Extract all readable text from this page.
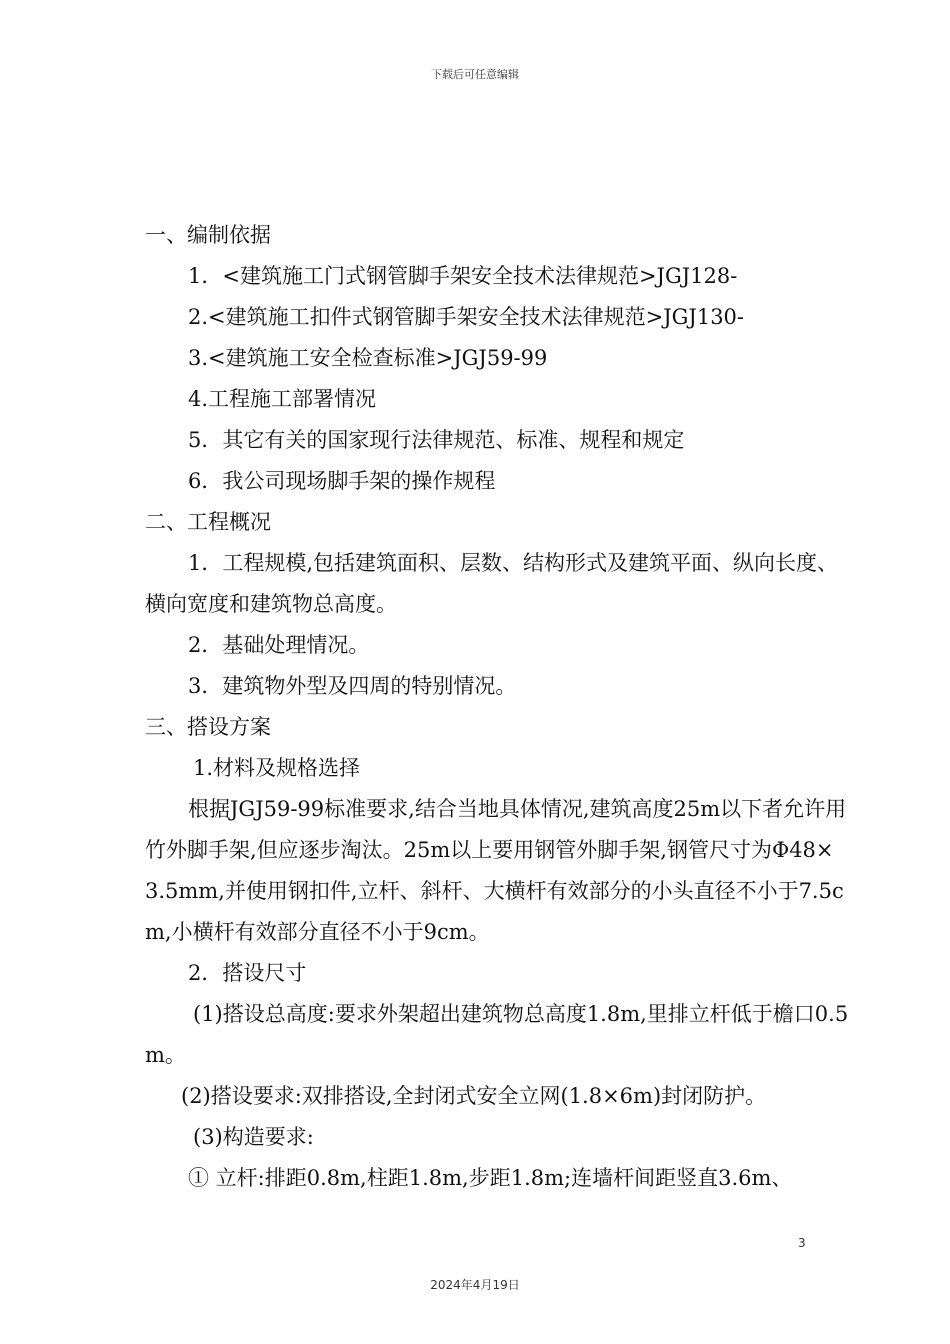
下载后可任意编辑

一、编制依据

1．<建筑施工门式钢管脚手架安全技术法律规范>JGJ128-

2.<建筑施工扣件式钢管脚手架安全技术法律规范>JGJ130-

3.<建筑施工安全检查标准>JGJ59-99

4.工程施工部署情况

5．其它有关的国家现行法律规范、标准、规程和规定

6．我公司现场脚手架的操作规程

二、工程概况

1．工程规模,包括建筑面积、层数、结构形式及建筑平面、纵向长度、横向宽度和建筑物总高度。

2．基础处理情况。

3．建筑物外型及四周的特别情况。

三、搭设方案

1.材料及规格选择

根据JGJ59-99标准要求,结合当地具体情况,建筑高度25m以下者允许用竹外脚手架,但应逐步淘汰。25m以上要用钢管外脚手架,钢管尺寸为Φ48×3.5mm,并使用钢扣件,立杆、斜杆、大横杆有效部分的小头直径不小于7.5cm,小横杆有效部分直径不小于9cm。

2．搭设尺寸

(1)搭设总高度:要求外架超出建筑物总高度1.8m,里排立杆低于檐口0.5m。

(2)搭设要求:双排搭设,全封闭式安全立网(1.8×6m)封闭防护。

(3)构造要求:

① 立杆:排距0.8m,柱距1.8m,步距1.8m;连墙杆间距竖直3.6m、

3
2024年4月19日
